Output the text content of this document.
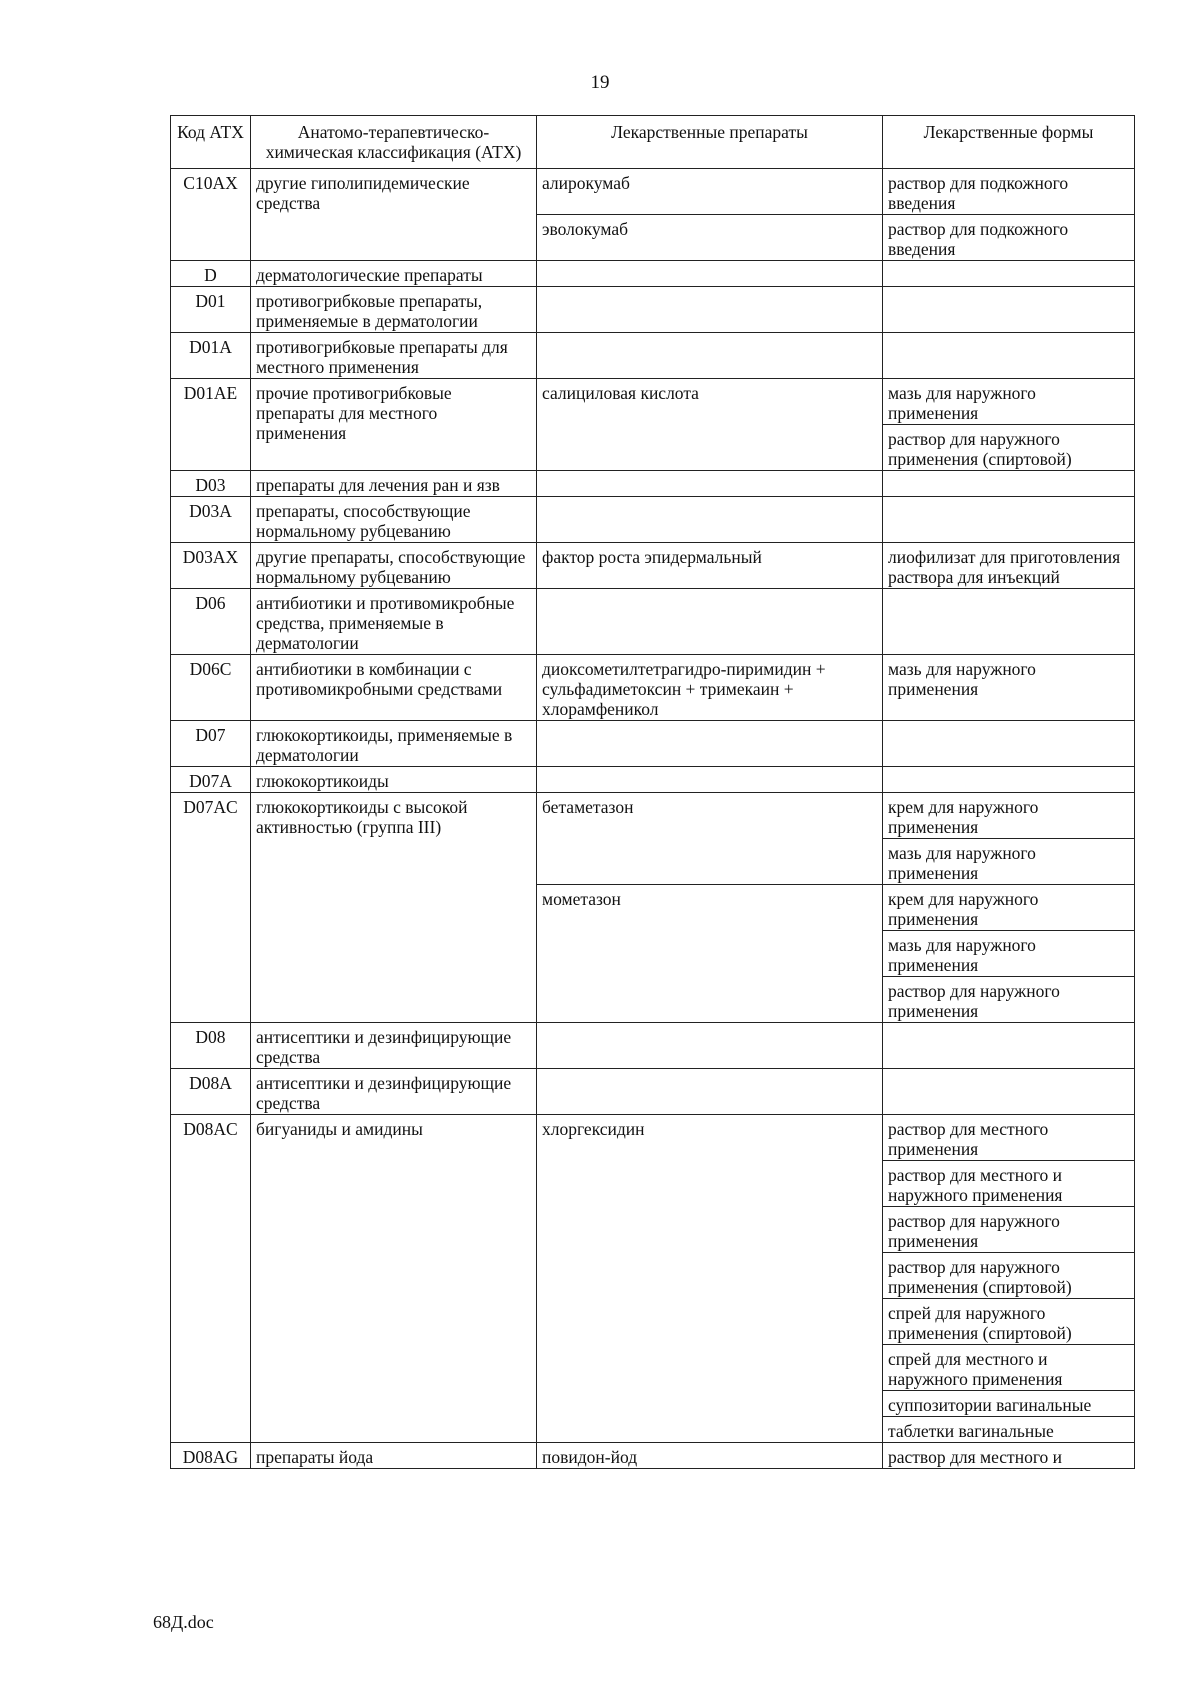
19
Код АТХ	Анатомо-терапевтическо-химическая классификация (АТХ)	Лекарственные препараты	Лекарственные формы
C10AX	другие гиполипидемические средства	алирокумаб	раствор для подкожного введения
		эволокумаб	раствор для подкожного введения
D	дерматологические препараты		
D01	противогрибковые препараты, применяемые в дерматологии		
D01A	противогрибковые препараты для местного применения		
D01AE	прочие противогрибковые препараты для местного применения	салициловая кислота	мазь для наружного применения
			раствор для наружного применения (спиртовой)
D03	препараты для лечения ран и язв		
D03A	препараты, способствующие нормальному рубцеванию		
D03AX	другие препараты, способствующие нормальному рубцеванию	фактор роста эпидермальный	лиофилизат для приготовления раствора для инъекций
D06	антибиотики и противомикробные средства, применяемые в дерматологии		
D06C	антибиотики в комбинации с противомикробными средствами	диоксометилтетрагидро-пиримидин + сульфадиметоксин + тримекаин + хлорамфеникол	мазь для наружного применения
D07	глюкокортикоиды, применяемые в дерматологии		
D07A	глюкокортикоиды		
D07AC	глюкокортикоиды с высокой активностью (группа III)	бетаметазон	крем для наружного применения
			мазь для наружного применения
		мометазон	крем для наружного применения
			мазь для наружного применения
			раствор для наружного применения
D08	антисептики и дезинфицирующие средства		
D08A	антисептики и дезинфицирующие средства		
D08AC	бигуаниды и амидины	хлоргексидин	раствор для местного применения
			раствор для местного и наружного применения
			раствор для наружного применения
			раствор для наружного применения (спиртовой)
			спрей для наружного применения (спиртовой)
			спрей для местного и наружного применения
			суппозитории вагинальные
			таблетки вагинальные
D08AG	препараты йода	повидон-йод	раствор для местного и
68Д.doc
